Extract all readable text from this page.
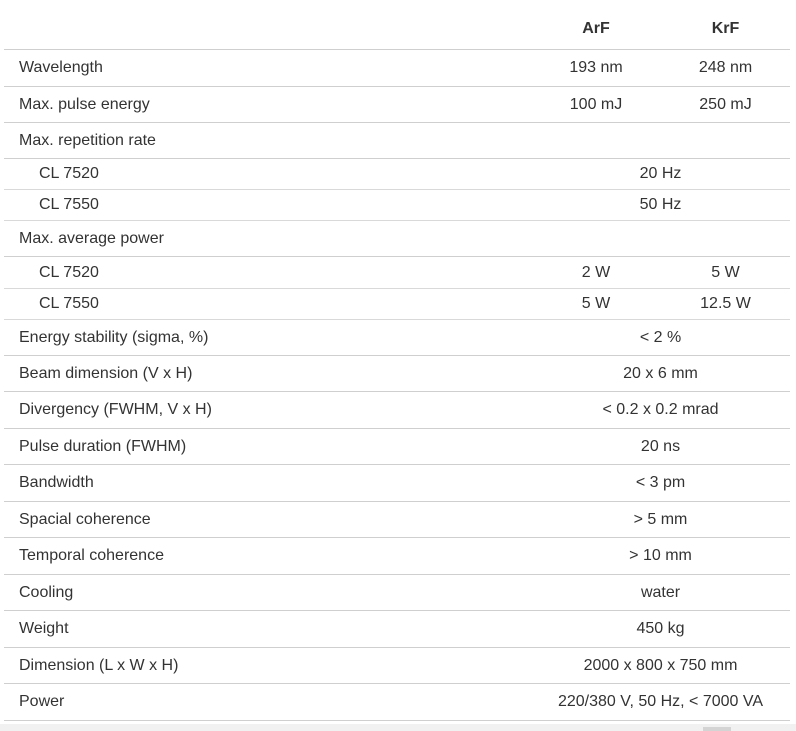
	ArF	KrF
Wavelength	193 nm	248 nm
Max. pulse energy	100 mJ	250 mJ
Max. repetition rate		
CL 7520	20 Hz	
CL 7550	50 Hz	
Max. average power		
CL 7520	2 W	5 W
CL 7550	5 W	12.5 W
Energy stability (sigma, %)	< 2 %	
Beam dimension (V x H)	20 x 6 mm	
Divergency (FWHM, V x H)	< 0.2 x 0.2 mrad	
Pulse duration (FWHM)	20 ns	
Bandwidth	< 3 pm	
Spacial coherence	> 5 mm	
Temporal coherence	> 10 mm	
Cooling	water	
Weight	450 kg	
Dimension (L x W x H)	2000 x 800 x 750 mm	
Power	220/380 V, 50 Hz, < 7000 VA	
